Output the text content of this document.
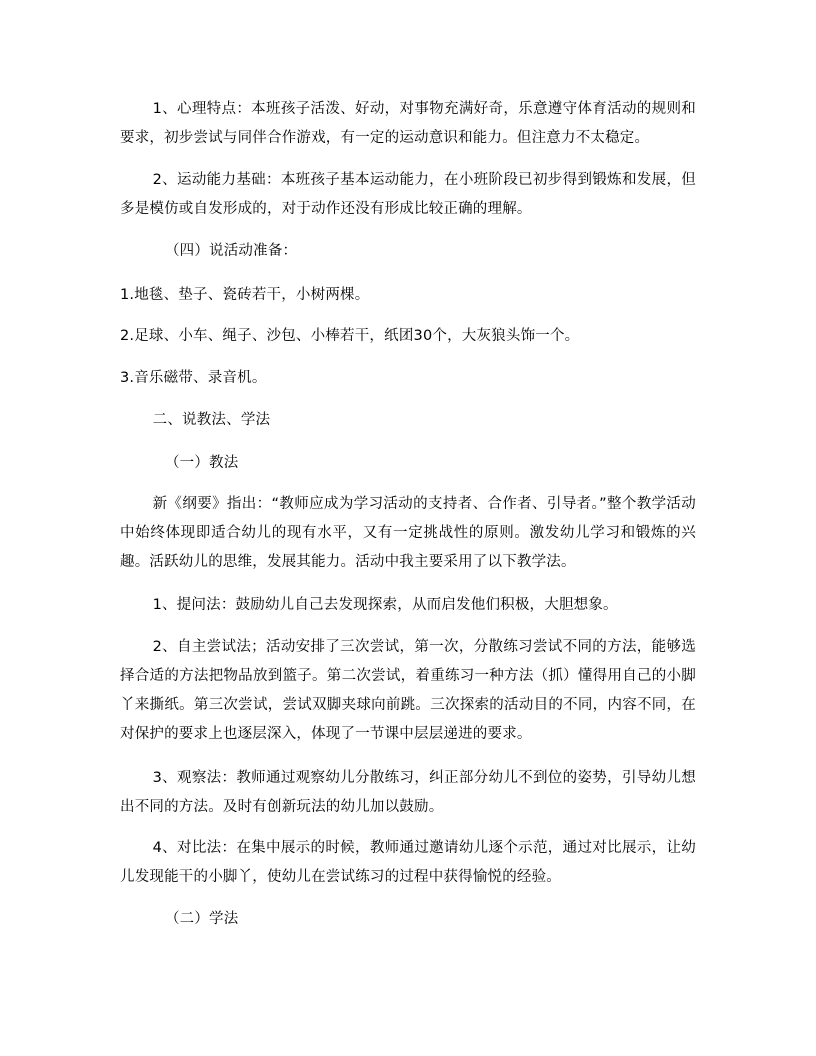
1、心理特点：本班孩子活泼、好动，对事物充满好奇，乐意遵守体育活动的规则和要求，初步尝试与同伴合作游戏，有一定的运动意识和能力。但注意力不太稳定。

2、运动能力基础：本班孩子基本运动能力，在小班阶段已初步得到锻炼和发展，但多是模仿或自发形成的，对于动作还没有形成比较正确的理解。

（四）说活动准备：

1.地毯、垫子、瓷砖若干，小树两棵。

2.足球、小车、绳子、沙包、小棒若干，纸团30个，大灰狼头饰一个。

3.音乐磁带、录音机。

二、说教法、学法

（一）教法

新《纲要》指出：“教师应成为学习活动的支持者、合作者、引导者。”整个教学活动中始终体现即适合幼儿的现有水平，又有一定挑战性的原则。激发幼儿学习和锻炼的兴趣。活跃幼儿的思维，发展其能力。活动中我主要采用了以下教学法。

1、提问法：鼓励幼儿自己去发现探索，从而启发他们积极，大胆想象。

2、自主尝试法；活动安排了三次尝试，第一次，分散练习尝试不同的方法，能够选择合适的方法把物品放到篮子。第二次尝试，着重练习一种方法（抓）懂得用自己的小脚丫来撕纸。第三次尝试，尝试双脚夹球向前跳。三次探索的活动目的不同，内容不同，在对保护的要求上也逐层深入，体现了一节课中层层递进的要求。

3、观察法：教师通过观察幼儿分散练习，纠正部分幼儿不到位的姿势，引导幼儿想出不同的方法。及时有创新玩法的幼儿加以鼓励。

4、对比法：在集中展示的时候，教师通过邀请幼儿逐个示范，通过对比展示，让幼儿发现能干的小脚丫，使幼儿在尝试练习的过程中获得愉悦的经验。

（二）学法
